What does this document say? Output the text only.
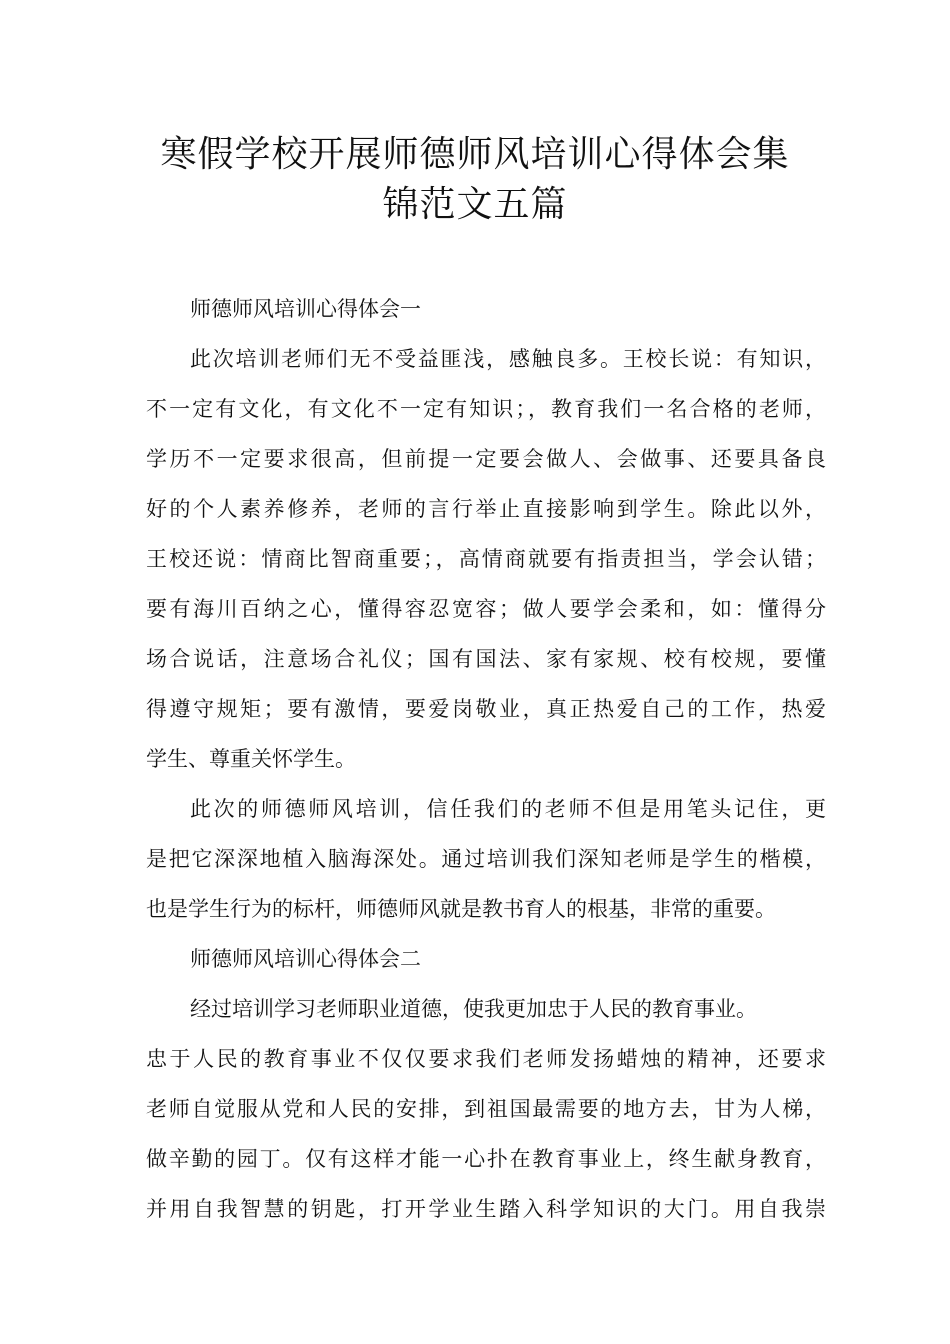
寒假学校开展师德师风培训心得体会集
锦范文五篇

师德师风培训心得体会一

此次培训老师们无不受益匪浅，感触良多。王校长说：有知识，
不一定有文化，有文化不一定有知识；，教育我们一名合格的老师，
学历不一定要求很高，但前提一定要会做人、会做事、还要具备良
好的个人素养修养，老师的言行举止直接影响到学生。除此以外，
王校还说：情商比智商重要；，高情商就要有指责担当，学会认错；
要有海川百纳之心，懂得容忍宽容；做人要学会柔和，如：懂得分
场合说话，注意场合礼仪；国有国法、家有家规、校有校规，要懂
得遵守规矩；要有激情，要爱岗敬业，真正热爱自己的工作，热爱
学生、尊重关怀学生。

此次的师德师风培训，信任我们的老师不但是用笔头记住，更
是把它深深地植入脑海深处。通过培训我们深知老师是学生的楷模，
也是学生行为的标杆，师德师风就是教书育人的根基，非常的重要。

师德师风培训心得体会二

经过培训学习老师职业道德，使我更加忠于人民的教育事业。
忠于人民的教育事业不仅仅要求我们老师发扬蜡烛的精神，还要求
老师自觉服从党和人民的安排，到祖国最需要的地方去，甘为人梯，
做辛勤的园丁。仅有这样才能一心扑在教育事业上，终生献身教育，
并用自我智慧的钥匙，打开学业生踏入科学知识的大门。用自我崇
